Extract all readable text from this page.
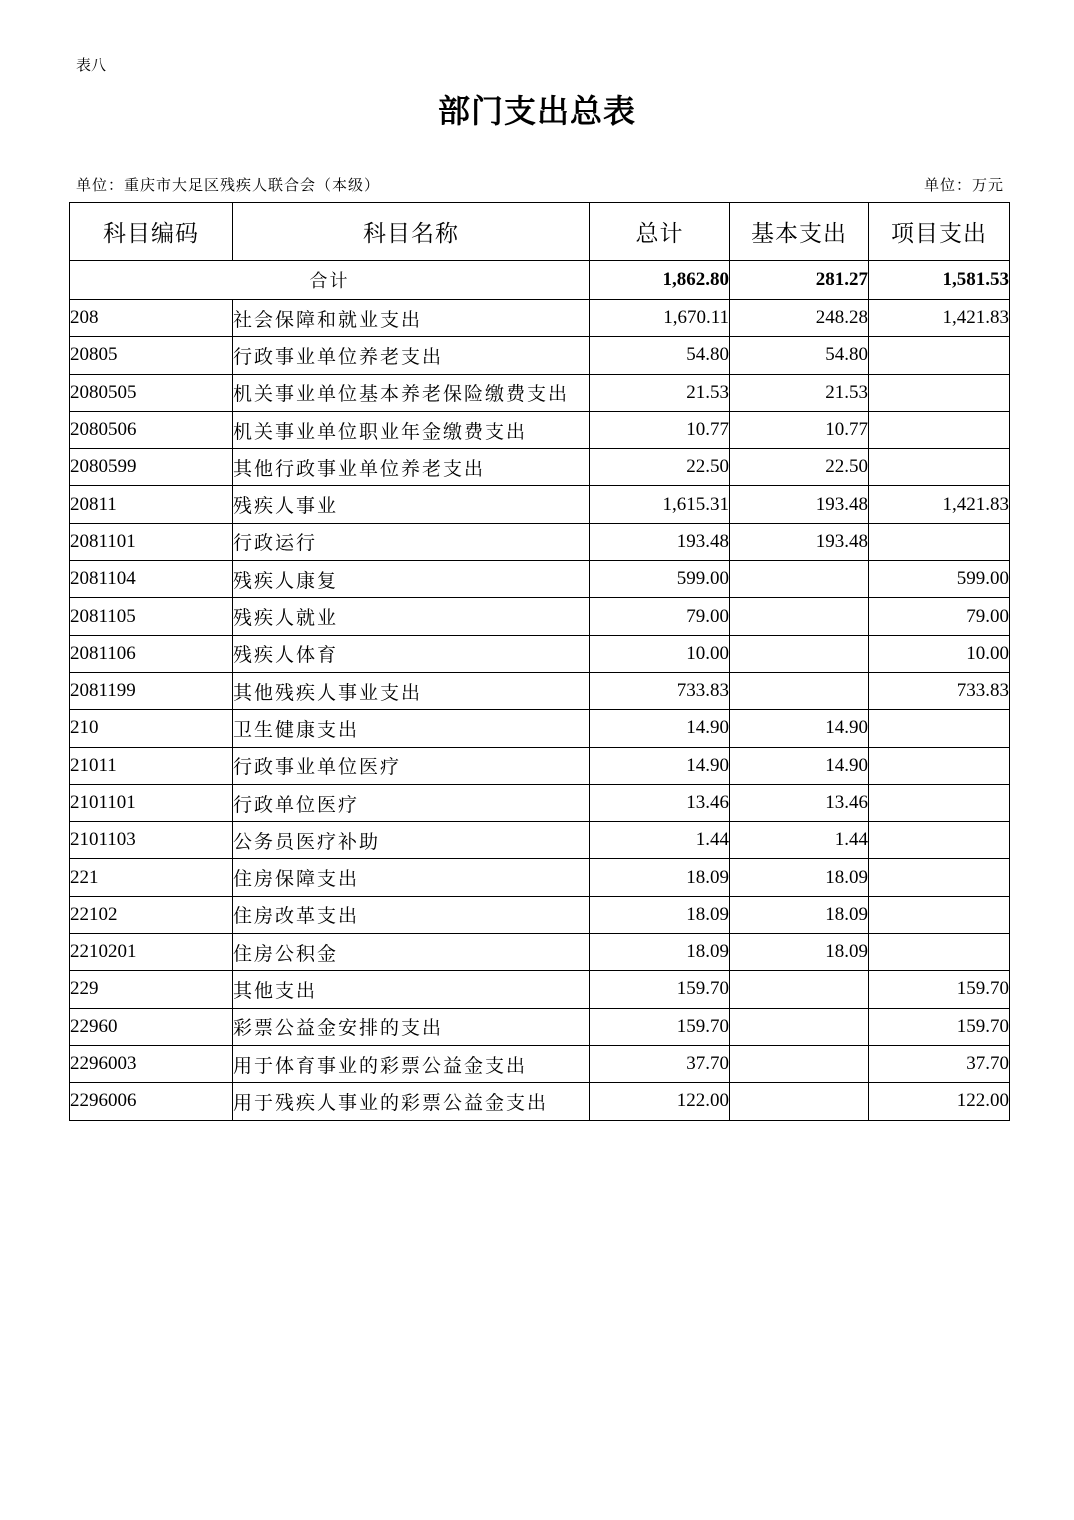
表八
部门支出总表
单位：重庆市大足区残疾人联合会（本级）	单位：万元
科目编码	科目名称	总计	基本支出	项目支出
合计		1,862.80	281.27	1,581.53
208	社会保障和就业支出	1,670.11	248.28	1,421.83
20805	行政事业单位养老支出	54.80	54.80	
2080505	机关事业单位基本养老保险缴费支出	21.53	21.53	
2080506	机关事业单位职业年金缴费支出	10.77	10.77	
2080599	其他行政事业单位养老支出	22.50	22.50	
20811	残疾人事业	1,615.31	193.48	1,421.83
2081101	行政运行	193.48	193.48	
2081104	残疾人康复	599.00		599.00
2081105	残疾人就业	79.00		79.00
2081106	残疾人体育	10.00		10.00
2081199	其他残疾人事业支出	733.83		733.83
210	卫生健康支出	14.90	14.90	
21011	行政事业单位医疗	14.90	14.90	
2101101	行政单位医疗	13.46	13.46	
2101103	公务员医疗补助	1.44	1.44	
221	住房保障支出	18.09	18.09	
22102	住房改革支出	18.09	18.09	
2210201	住房公积金	18.09	18.09	
229	其他支出	159.70		159.70
22960	彩票公益金安排的支出	159.70		159.70
2296003	用于体育事业的彩票公益金支出	37.70		37.70
2296006	用于残疾人事业的彩票公益金支出	122.00		122.00
